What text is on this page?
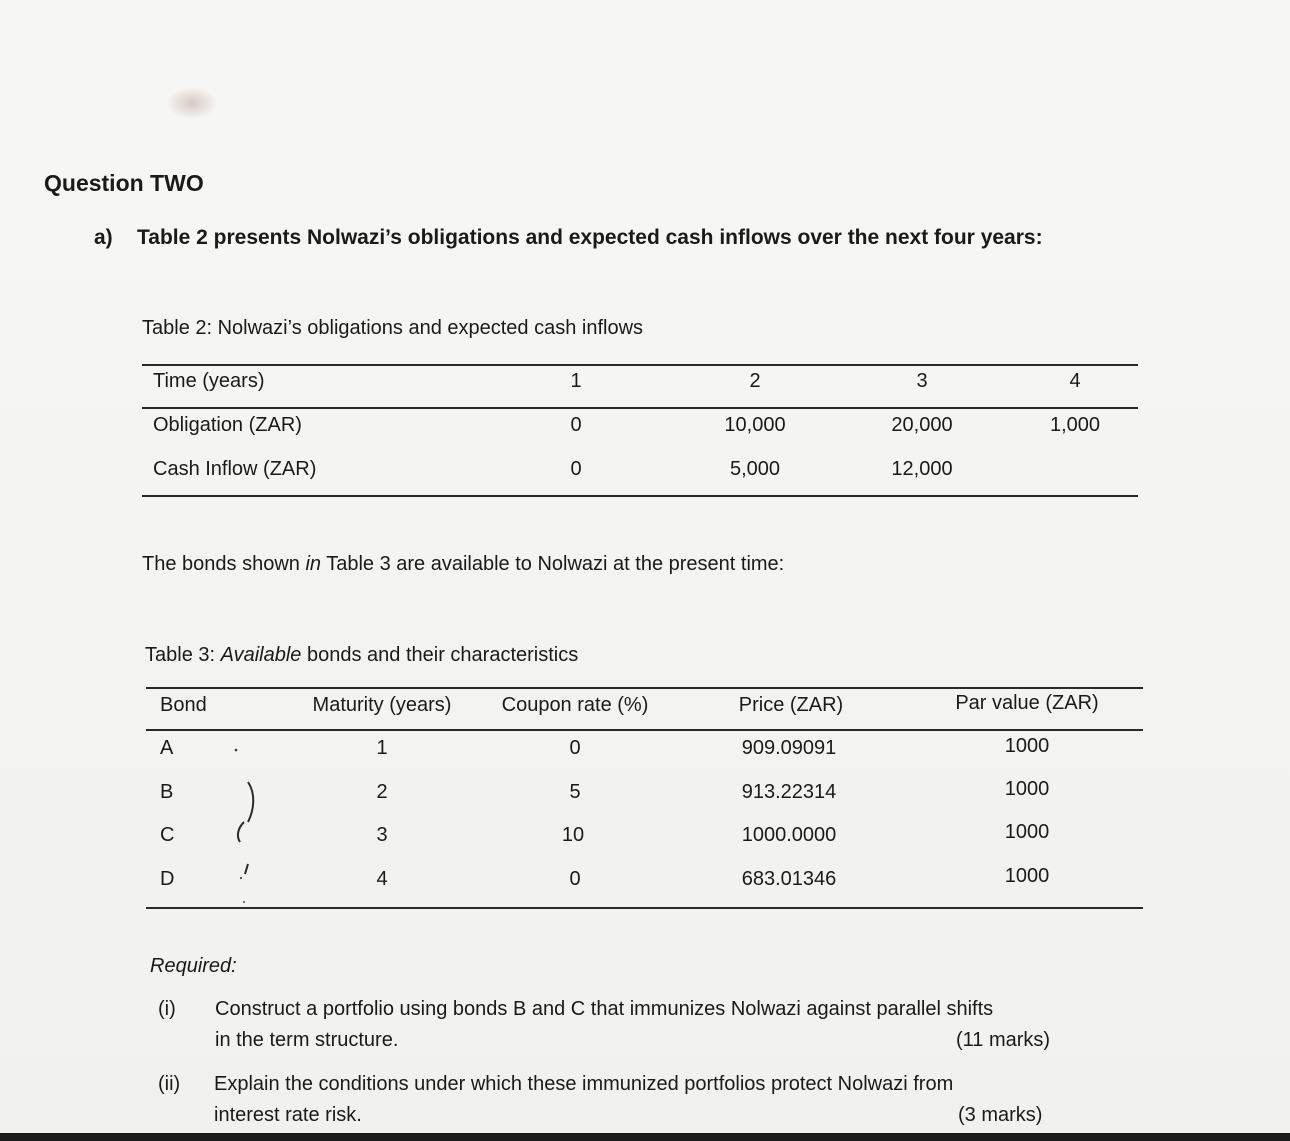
Question TWO
a) Table 2 presents Nolwazi’s obligations and expected cash inflows over the next four years:
Table 2: Nolwazi’s obligations and expected cash inflows
Time (years)	1	2	3	4
Obligation (ZAR)	0	10,000	20,000	1,000
Cash Inflow (ZAR)	0	5,000	12,000
The bonds shown in Table 3 are available to Nolwazi at the present time:
Table 3: Available bonds and their characteristics
Bond	Maturity (years)	Coupon rate (%)	Price (ZAR)	Par value (ZAR)
A	1	0	909.09091	1000
B	2	5	913.22314	1000
C	3	10	1000.0000	1000
D	4	0	683.01346	1000
Required:
(i) Construct a portfolio using bonds B and C that immunizes Nolwazi against parallel shifts
in the term structure.	(11 marks)
(ii) Explain the conditions under which these immunized portfolios protect Nolwazi from
interest rate risk.	(3 marks)
